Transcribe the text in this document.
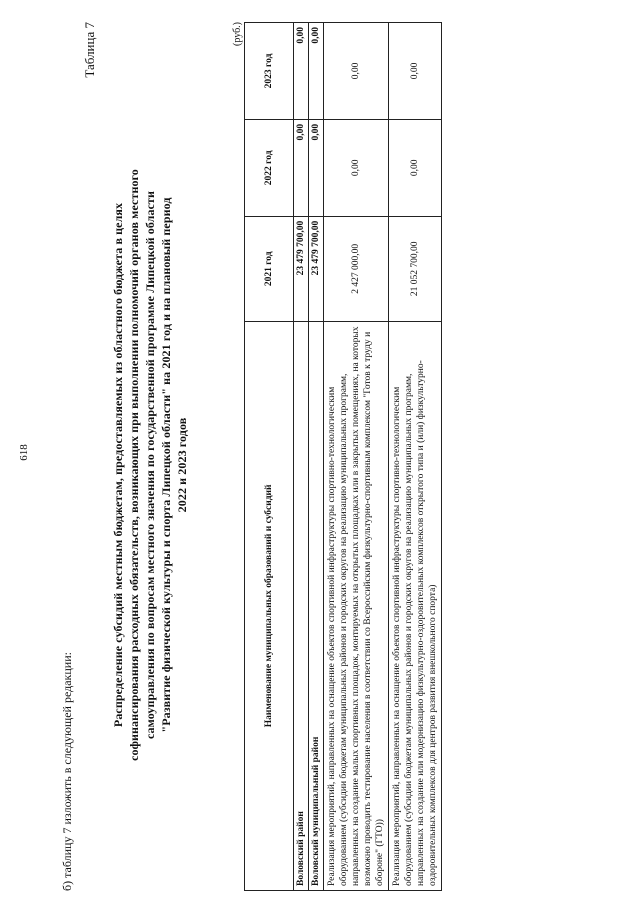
618
б) таблицу 7 изложить в следующей редакции:
Таблица 7
Распределение субсидий местным бюджетам, предоставляемых из областного бюджета в целях софинансирования расходных обязательств, возникающих при выполнении полномочий органов местного самоуправления по вопросам местного значения по государственной программе Липецкой области "Развитие физической культуры и спорта Липецкой области" на 2021 год и на плановый период 2022 и 2023 годов
(руб.)
Наименование муниципальных образований и субсидий	2021 год	2022 год	2023 год
Воловский район	23 479 700,00	0,00	0,00
Воловский муниципальный район	23 479 700,00	0,00	0,00
Реализация мероприятий, направленных на оснащение объектов спортивной инфраструктуры спортивно-технологическим оборудованием (субсидии бюджетам муниципальных районов и городских округов на реализацию муниципальных программ, направленных на создание малых спортивных площадок, монтируемых на открытых площадках или в закрытых помещениях, на которых возможно проводить тестирование населения в соответствии со Всероссийским физкультурно-спортивным комплексом "Готов к труду и обороне" (ГТО))	2 427 000,00	0,00	0,00
Реализация мероприятий, направленных на оснащение объектов спортивной инфраструктуры спортивно-технологическим оборудованием (субсидии бюджетам муниципальных районов и городских округов на реализацию муниципальных программ, направленных на создание или модернизацию физкультурно-оздоровительных комплексов открытого типа и (или) физкультурно-оздоровительных комплексов для центров развития внешкольного спорта)	21 052 700,00	0,00	0,00
